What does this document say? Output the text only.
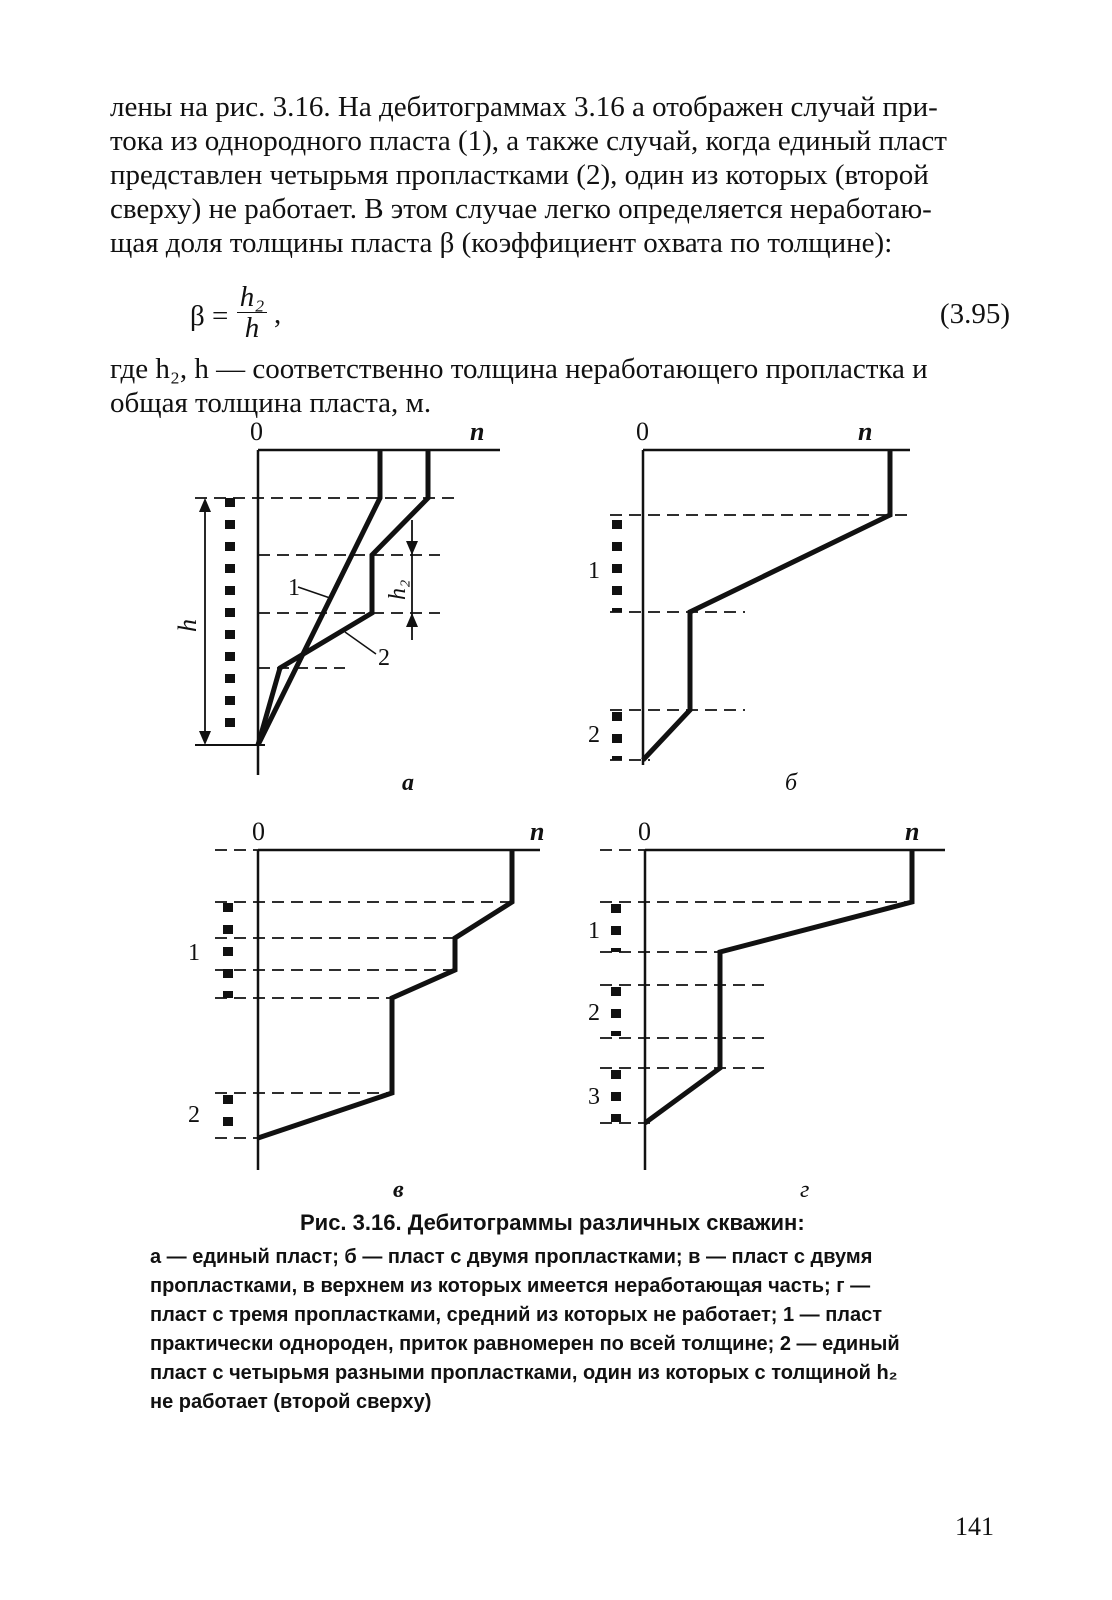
лены на рис. 3.16. На дебитограммах 3.16 а отображен случай при-
тока из однородного пласта (1), а также случай, когда единый пласт
представлен четырьмя пропластками (2), один из которых (второй
сверху) не работает. В этом случае легко определяется неработаю-
щая доля толщины пласта β (коэффициент охвата по толщине):
β =
h₂
h ,	(3.95)
где h₂, h — соответственно толщина неработающего пропластка и
общая толщина пласта, м.
0	n	0	n
0	n	0	n
1
2
h
h₂
1
2
1
2
1
2
3
а	б
в	г
Рис. 3.16. Дебитограммы различных скважин:
а — единый пласт; б — пласт с двумя пропластками; в — пласт с двумя
пропластками, в верхнем из которых имеется неработающая часть; г —
пласт с тремя пропластками, средний из которых не работает; 1 — пласт
практически однороден, приток равномерен по всей толщине; 2 — единый
пласт с четырьмя разными пропластками, один из которых с толщиной h₂
не работает (второй сверху)
141
